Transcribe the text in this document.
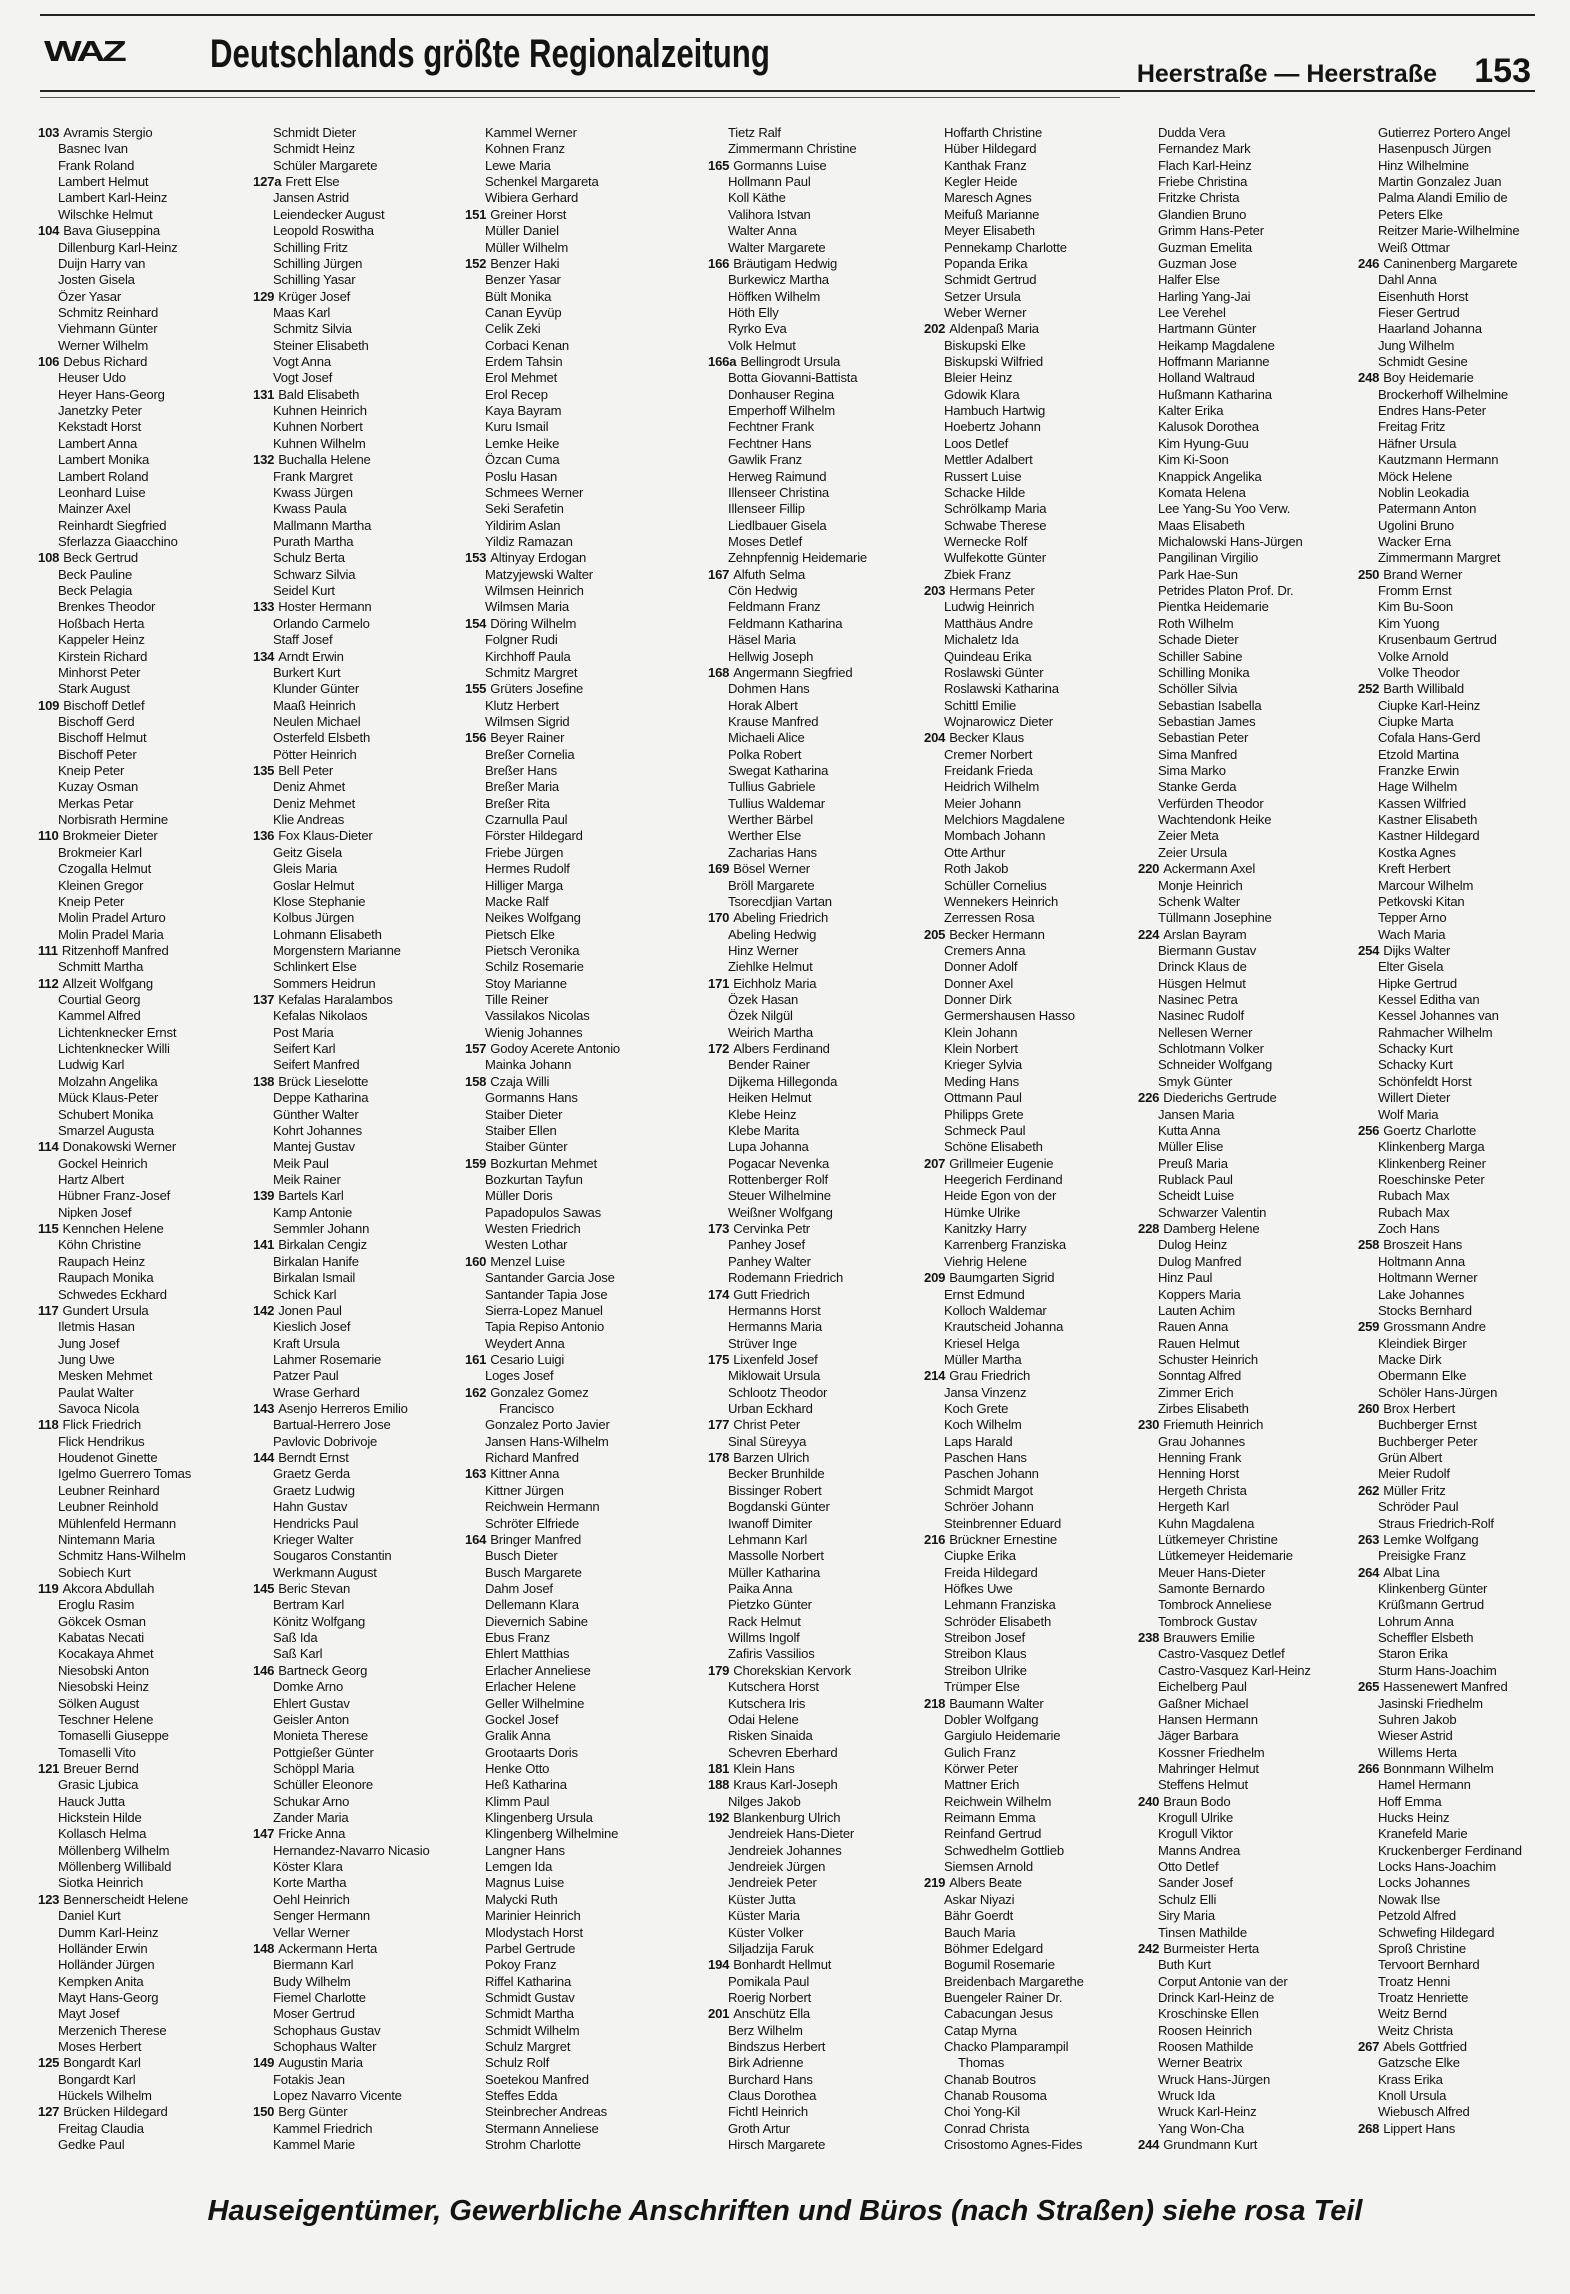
WAZ Deutschlands größte Regionalzeitung	Heerstraße — Heerstraße 153
103 Avramis Stergio
Basnec Ivan
Frank Roland
Lambert Helmut
Lambert Karl-Heinz
Wilschke Helmut
104 Bava Giuseppina
Dillenburg Karl-Heinz
Duijn Harry van
Josten Gisela
Özer Yasar
Schmitz Reinhard
Viehmann Günter
Werner Wilhelm
106 Debus Richard
Heuser Udo
Heyer Hans-Georg
Janetzky Peter
Kekstadt Horst
Lambert Anna
Lambert Monika
Lambert Roland
Leonhard Luise
Mainzer Axel
Reinhardt Siegfried
Sferlazza Giaacchino
108 Beck Gertrud
Beck Pauline
Beck Pelagia
Brenkes Theodor
Hoßbach Herta
Kappeler Heinz
Kirstein Richard
Minhorst Peter
Stark August
109 Bischoff Detlef
Bischoff Gerd
Bischoff Helmut
Bischoff Peter
Kneip Peter
Kuzay Osman
Merkas Petar
Norbisrath Hermine
110 Brokmeier Dieter
Brokmeier Karl
Czogalla Helmut
Kleinen Gregor
Kneip Peter
Molin Pradel Arturo
Molin Pradel Maria
111 Ritzenhoff Manfred
Schmitt Martha
112 Allzeit Wolfgang
Courtial Georg
Kammel Alfred
Lichtenknecker Ernst
Lichtenknecker Willi
Ludwig Karl
Molzahn Angelika
Mück Klaus-Peter
Schubert Monika
Smarzel Augusta
114 Donakowski Werner
Gockel Heinrich
Hartz Albert
Hübner Franz-Josef
Nipken Josef
115 Kennchen Helene
Köhn Christine
Raupach Heinz
Raupach Monika
Schwedes Eckhard
117 Gundert Ursula
Iletmis Hasan
Jung Josef
Jung Uwe
Mesken Mehmet
Paulat Walter
Savoca Nicola
118 Flick Friedrich
Flick Hendrikus
Houdenot Ginette
Igelmo Guerrero Tomas
Leubner Reinhard
Leubner Reinhold
Mühlenfeld Hermann
Nintemann Maria
Schmitz Hans-Wilhelm
Sobiech Kurt
119 Akcora Abdullah
Eroglu Rasim
Gökcek Osman
Kabatas Necati
Kocakaya Ahmet
Niesobski Anton
Niesobski Heinz
Sölken August
Teschner Helene
Tomaselli Giuseppe
Tomaselli Vito
121 Breuer Bernd
Grasic Ljubica
Hauck Jutta
Hickstein Hilde
Kollasch Helma
Möllenberg Wilhelm
Möllenberg Willibald
Siotka Heinrich
123 Bennerscheidt Helene
Daniel Kurt
Dumm Karl-Heinz
Holländer Erwin
Holländer Jürgen
Kempken Anita
Mayt Hans-Georg
Mayt Josef
Merzenich Therese
Moses Herbert
125 Bongardt Karl
Bongardt Karl
Hückels Wilhelm
127 Brücken Hildegard
Freitag Claudia
Gedke Paul
Schmidt Dieter
Schmidt Heinz
Schüler Margarete
127a Frett Else
Jansen Astrid
Leiendecker August
Leopold Roswitha
Schilling Fritz
Schilling Jürgen
Schilling Yasar
129 Krüger Josef
Maas Karl
Schmitz Silvia
Steiner Elisabeth
Vogt Anna
Vogt Josef
131 Bald Elisabeth
Kuhnen Heinrich
Kuhnen Norbert
Kuhnen Wilhelm
132 Buchalla Helene
Frank Margret
Kwass Jürgen
Kwass Paula
Mallmann Martha
Purath Martha
Schulz Berta
Schwarz Silvia
Seidel Kurt
133 Hoster Hermann
Orlando Carmelo
Staff Josef
134 Arndt Erwin
Burkert Kurt
Klunder Günter
Maaß Heinrich
Neulen Michael
Osterfeld Elsbeth
Pötter Heinrich
135 Bell Peter
Deniz Ahmet
Deniz Mehmet
Klie Andreas
136 Fox Klaus-Dieter
Geitz Gisela
Gleis Maria
Goslar Helmut
Klose Stephanie
Kolbus Jürgen
Lohmann Elisabeth
Morgenstern Marianne
Schlinkert Else
Sommers Heidrun
137 Kefalas Haralambos
Kefalas Nikolaos
Post Maria
Seifert Karl
Seifert Manfred
138 Brück Lieselotte
Deppe Katharina
Günther Walter
Kohrt Johannes
Mantej Gustav
Meik Paul
Meik Rainer
139 Bartels Karl
Kamp Antonie
Semmler Johann
141 Birkalan Cengiz
Birkalan Hanife
Birkalan Ismail
Schick Karl
142 Jonen Paul
Kieslich Josef
Kraft Ursula
Lahmer Rosemarie
Patzer Paul
Wrase Gerhard
143 Asenjo Herreros Emilio
Bartual-Herrero Jose
Pavlovic Dobrivoje
144 Berndt Ernst
Graetz Gerda
Graetz Ludwig
Hahn Gustav
Hendricks Paul
Krieger Walter
Sougaros Constantin
Werkmann August
145 Beric Stevan
Bertram Karl
Könitz Wolfgang
Saß Ida
Saß Karl
146 Bartneck Georg
Domke Arno
Ehlert Gustav
Geisler Anton
Monieta Therese
Pottgießer Günter
Schöppl Maria
Schüller Eleonore
Schukar Arno
Zander Maria
147 Fricke Anna
Hernandez-Navarro Nicasio
Köster Klara
Korte Martha
Oehl Heinrich
Senger Hermann
Vellar Werner
148 Ackermann Herta
Biermann Karl
Budy Wilhelm
Fiemel Charlotte
Moser Gertrud
Schophaus Gustav
Schophaus Walter
149 Augustin Maria
Fotakis Jean
Lopez Navarro Vicente
150 Berg Günter
Kammel Friedrich
Kammel Marie
Kammel Werner
Kohnen Franz
Lewe Maria
Schenkel Margareta
Wibiera Gerhard
151 Greiner Horst
Müller Daniel
Müller Wilhelm
152 Benzer Haki
Benzer Yasar
Bült Monika
Canan Eyvüp
Celik Zeki
Corbaci Kenan
Erdem Tahsin
Erol Mehmet
Erol Recep
Kaya Bayram
Kuru Ismail
Lemke Heike
Özcan Cuma
Poslu Hasan
Schmees Werner
Seki Serafetin
Yildirim Aslan
Yildiz Ramazan
153 Altinyay Erdogan
Matzyjewski Walter
Wilmsen Heinrich
Wilmsen Maria
154 Döring Wilhelm
Folgner Rudi
Kirchhoff Paula
Schmitz Margret
155 Grüters Josefine
Klutz Herbert
Wilmsen Sigrid
156 Beyer Rainer
Breßer Cornelia
Breßer Hans
Breßer Maria
Breßer Rita
Czarnulla Paul
Förster Hildegard
Friebe Jürgen
Hermes Rudolf
Hilliger Marga
Macke Ralf
Neikes Wolfgang
Pietsch Elke
Pietsch Veronika
Schilz Rosemarie
Stoy Marianne
Tille Reiner
Vassilakos Nicolas
Wienig Johannes
157 Godoy Acerete Antonio
Mainka Johann
158 Czaja Willi
Gormanns Hans
Staiber Dieter
Staiber Ellen
Staiber Günter
159 Bozkurtan Mehmet
Bozkurtan Tayfun
Müller Doris
Papadopulos Sawas
Westen Friedrich
Westen Lothar
160 Menzel Luise
Santander Garcia Jose
Santander Tapia Jose
Sierra-Lopez Manuel
Tapia Repiso Antonio
Weydert Anna
161 Cesario Luigi
Loges Josef
162 Gonzalez Gomez
Francisco
Gonzalez Porto Javier
Jansen Hans-Wilhelm
Richard Manfred
163 Kittner Anna
Kittner Jürgen
Reichwein Hermann
Schröter Elfriede
164 Bringer Manfred
Busch Dieter
Busch Margarete
Dahm Josef
Dellemann Klara
Dievernich Sabine
Ebus Franz
Ehlert Matthias
Erlacher Anneliese
Erlacher Helene
Geller Wilhelmine
Gockel Josef
Gralik Anna
Grootaarts Doris
Henke Otto
Heß Katharina
Klimm Paul
Klingenberg Ursula
Klingenberg Wilhelmine
Langner Hans
Lemgen Ida
Magnus Luise
Malycki Ruth
Marinier Heinrich
Mlodystach Horst
Parbel Gertrude
Pokoy Franz
Riffel Katharina
Schmidt Gustav
Schmidt Martha
Schmidt Wilhelm
Schulz Margret
Schulz Rolf
Soetekou Manfred
Steffes Edda
Steinbrecher Andreas
Stermann Anneliese
Strohm Charlotte
Tietz Ralf
Zimmermann Christine
165 Gormanns Luise
Hollmann Paul
Koll Käthe
Valihora Istvan
Walter Anna
Walter Margarete
166 Bräutigam Hedwig
Burkewicz Martha
Höffken Wilhelm
Höth Elly
Ryrko Eva
Volk Helmut
166a Bellingrodt Ursula
Botta Giovanni-Battista
Donhauser Regina
Emperhoff Wilhelm
Fechtner Frank
Fechtner Hans
Gawlik Franz
Herweg Raimund
Illenseer Christina
Illenseer Fillip
Liedlbauer Gisela
Moses Detlef
Zehnpfennig Heidemarie
167 Alfuth Selma
Cön Hedwig
Feldmann Franz
Feldmann Katharina
Häsel Maria
Hellwig Joseph
168 Angermann Siegfried
Dohmen Hans
Horak Albert
Krause Manfred
Michaeli Alice
Polka Robert
Swegat Katharina
Tullius Gabriele
Tullius Waldemar
Werther Bärbel
Werther Else
Zacharias Hans
169 Bösel Werner
Bröll Margarete
Tsorecdjian Vartan
170 Abeling Friedrich
Abeling Hedwig
Hinz Werner
Ziehlke Helmut
171 Eichholz Maria
Özek Hasan
Özek Nilgül
Weirich Martha
172 Albers Ferdinand
Bender Rainer
Dijkema Hillegonda
Heiken Helmut
Klebe Heinz
Klebe Marita
Lupa Johanna
Pogacar Nevenka
Rottenberger Rolf
Steuer Wilhelmine
Weißner Wolfgang
173 Cervinka Petr
Panhey Josef
Panhey Walter
Rodemann Friedrich
174 Gutt Friedrich
Hermanns Horst
Hermanns Maria
Strüver Inge
175 Lixenfeld Josef
Miklowait Ursula
Schlootz Theodor
Urban Eckhard
177 Christ Peter
Sinal Süreyya
178 Barzen Ulrich
Becker Brunhilde
Bissinger Robert
Bogdanski Günter
Iwanoff Dimiter
Lehmann Karl
Massolle Norbert
Müller Katharina
Paika Anna
Pietzko Günter
Rack Helmut
Willms Ingolf
Zafiris Vassilios
179 Chorekskian Kervork
Kutschera Horst
Kutschera Iris
Odai Helene
Risken Sinaida
Schevren Eberhard
181 Klein Hans
188 Kraus Karl-Joseph
Nilges Jakob
192 Blankenburg Ulrich
Jendreiek Hans-Dieter
Jendreiek Johannes
Jendreiek Jürgen
Jendreiek Peter
Küster Jutta
Küster Maria
Küster Volker
Siljadzija Faruk
194 Bonhardt Hellmut
Pomikala Paul
Roerig Norbert
201 Anschütz Ella
Berz Wilhelm
Bindszus Herbert
Birk Adrienne
Burchard Hans
Claus Dorothea
Fichtl Heinrich
Groth Artur
Hirsch Margarete
Hoffarth Christine
Hüber Hildegard
Kanthak Franz
Kegler Heide
Maresch Agnes
Meifuß Marianne
Meyer Elisabeth
Pennekamp Charlotte
Popanda Erika
Schmidt Gertrud
Setzer Ursula
Weber Werner
202 Aldenpaß Maria
Biskupski Elke
Biskupski Wilfried
Bleier Heinz
Gdowik Klara
Hambuch Hartwig
Hoebertz Johann
Loos Detlef
Mettler Adalbert
Russert Luise
Schacke Hilde
Schrölkamp Maria
Schwabe Therese
Wernecke Rolf
Wulfekotte Günter
Zbiek Franz
203 Hermans Peter
Ludwig Heinrich
Matthäus Andre
Michaletz Ida
Quindeau Erika
Roslawski Günter
Roslawski Katharina
Schittl Emilie
Wojnarowicz Dieter
204 Becker Klaus
Cremer Norbert
Freidank Frieda
Heidrich Wilhelm
Meier Johann
Melchiors Magdalene
Mombach Johann
Otte Arthur
Roth Jakob
Schüller Cornelius
Wennekers Heinrich
Zerressen Rosa
205 Becker Hermann
Cremers Anna
Donner Adolf
Donner Axel
Donner Dirk
Germershausen Hasso
Klein Johann
Klein Norbert
Krieger Sylvia
Meding Hans
Ottmann Paul
Philipps Grete
Schmeck Paul
Schöne Elisabeth
207 Grillmeier Eugenie
Heegerich Ferdinand
Heide Egon von der
Hümke Ulrike
Kanitzky Harry
Karrenberg Franziska
Viehrig Helene
209 Baumgarten Sigrid
Ernst Edmund
Kolloch Waldemar
Krautscheid Johanna
Kriesel Helga
Müller Martha
214 Grau Friedrich
Jansa Vinzenz
Koch Grete
Koch Wilhelm
Laps Harald
Paschen Hans
Paschen Johann
Schmidt Margot
Schröer Johann
Steinbrenner Eduard
216 Brückner Ernestine
Ciupke Erika
Freida Hildegard
Höfkes Uwe
Lehmann Franziska
Schröder Elisabeth
Streibon Josef
Streibon Klaus
Streibon Ulrike
Trümper Else
218 Baumann Walter
Dobler Wolfgang
Gargiulo Heidemarie
Gulich Franz
Körwer Peter
Mattner Erich
Reichwein Wilhelm
Reimann Emma
Reinfand Gertrud
Schwedhelm Gottlieb
Siemsen Arnold
219 Albers Beate
Askar Niyazi
Bähr Goerdt
Bauch Maria
Böhmer Edelgard
Bogumil Rosemarie
Breidenbach Margarethe
Buengeler Rainer Dr.
Cabacungan Jesus
Catap Myrna
Chacko Plamparampil
Thomas
Chanab Boutros
Chanab Rousoma
Choi Yong-Kil
Conrad Christa
Crisostomo Agnes-Fides
Dudda Vera
Fernandez Mark
Flach Karl-Heinz
Friebe Christina
Fritzke Christa
Glandien Bruno
Grimm Hans-Peter
Guzman Emelita
Guzman Jose
Halfer Else
Harling Yang-Jai
Lee Verehel
Hartmann Günter
Heikamp Magdalene
Hoffmann Marianne
Holland Waltraud
Hußmann Katharina
Kalter Erika
Kalusok Dorothea
Kim Hyung-Guu
Kim Ki-Soon
Knappick Angelika
Komata Helena
Lee Yang-Su Yoo Verw.
Maas Elisabeth
Michalowski Hans-Jürgen
Pangilinan Virgilio
Park Hae-Sun
Petrides Platon Prof. Dr.
Pientka Heidemarie
Roth Wilhelm
Schade Dieter
Schiller Sabine
Schilling Monika
Schöller Silvia
Sebastian Isabella
Sebastian James
Sebastian Peter
Sima Manfred
Sima Marko
Stanke Gerda
Verfürden Theodor
Wachtendonk Heike
Zeier Meta
Zeier Ursula
220 Ackermann Axel
Monje Heinrich
Schenk Walter
Tüllmann Josephine
224 Arslan Bayram
Biermann Gustav
Drinck Klaus de
Hüsgen Helmut
Nasinec Petra
Nasinec Rudolf
Nellesen Werner
Schlotmann Volker
Schneider Wolfgang
Smyk Günter
226 Diederichs Gertrude
Jansen Maria
Kutta Anna
Müller Elise
Preuß Maria
Rublack Paul
Scheidt Luise
Schwarzer Valentin
228 Damberg Helene
Dulog Heinz
Dulog Manfred
Hinz Paul
Koppers Maria
Lauten Achim
Rauen Anna
Rauen Helmut
Schuster Heinrich
Sonntag Alfred
Zimmer Erich
Zirbes Elisabeth
230 Friemuth Heinrich
Grau Johannes
Henning Frank
Henning Horst
Hergeth Christa
Hergeth Karl
Kuhn Magdalena
Lütkemeyer Christine
Lütkemeyer Heidemarie
Meuer Hans-Dieter
Samonte Bernardo
Tombrock Anneliese
Tombrock Gustav
238 Brauwers Emilie
Castro-Vasquez Detlef
Castro-Vasquez Karl-Heinz
Eichelberg Paul
Gaßner Michael
Hansen Hermann
Jäger Barbara
Kossner Friedhelm
Mahringer Helmut
Steffens Helmut
240 Braun Bodo
Krogull Ulrike
Krogull Viktor
Manns Andrea
Otto Detlef
Sander Josef
Schulz Elli
Siry Maria
Tinsen Mathilde
242 Burmeister Herta
Buth Kurt
Corput Antonie van der
Drinck Karl-Heinz de
Kroschinske Ellen
Roosen Heinrich
Roosen Mathilde
Werner Beatrix
Wruck Hans-Jürgen
Wruck Ida
Wruck Karl-Heinz
Yang Won-Cha
244 Grundmann Kurt
Gutierrez Portero Angel
Hasenpusch Jürgen
Hinz Wilhelmine
Martin Gonzalez Juan
Palma Alandi Emilio de
Peters Elke
Reitzer Marie-Wilhelmine
Weiß Ottmar
246 Caninenberg Margarete
Dahl Anna
Eisenhuth Horst
Fieser Gertrud
Haarland Johanna
Jung Wilhelm
Schmidt Gesine
248 Boy Heidemarie
Brockerhoff Wilhelmine
Endres Hans-Peter
Freitag Fritz
Häfner Ursula
Kautzmann Hermann
Möck Helene
Noblin Leokadia
Patermann Anton
Ugolini Bruno
Wacker Erna
Zimmermann Margret
250 Brand Werner
Fromm Ernst
Kim Bu-Soon
Kim Yuong
Krusenbaum Gertrud
Volke Arnold
Volke Theodor
252 Barth Willibald
Ciupke Karl-Heinz
Ciupke Marta
Cofala Hans-Gerd
Etzold Martina
Franzke Erwin
Hage Wilhelm
Kassen Wilfried
Kastner Elisabeth
Kastner Hildegard
Kostka Agnes
Kreft Herbert
Marcour Wilhelm
Petkovski Kitan
Tepper Arno
Wach Maria
254 Dijks Walter
Elter Gisela
Hipke Gertrud
Kessel Editha van
Kessel Johannes van
Rahmacher Wilhelm
Schacky Kurt
Schacky Kurt
Schönfeldt Horst
Willert Dieter
Wolf Maria
256 Goertz Charlotte
Klinkenberg Marga
Klinkenberg Reiner
Roeschinske Peter
Rubach Max
Rubach Max
Zoch Hans
258 Broszeit Hans
Holtmann Anna
Holtmann Werner
Lake Johannes
Stocks Bernhard
259 Grossmann Andre
Kleindiek Birger
Macke Dirk
Obermann Elke
Schöler Hans-Jürgen
260 Brox Herbert
Buchberger Ernst
Buchberger Peter
Grün Albert
Meier Rudolf
262 Müller Fritz
Schröder Paul
Straus Friedrich-Rolf
263 Lemke Wolfgang
Preisigke Franz
264 Albat Lina
Klinkenberg Günter
Krüßmann Gertrud
Lohrum Anna
Scheffler Elsbeth
Staron Erika
Sturm Hans-Joachim
265 Hassenewert Manfred
Jasinski Friedhelm
Suhren Jakob
Wieser Astrid
Willems Herta
266 Bonnmann Wilhelm
Hamel Hermann
Hoff Emma
Hucks Heinz
Kranefeld Marie
Kruckenberger Ferdinand
Locks Hans-Joachim
Locks Johannes
Nowak Ilse
Petzold Alfred
Schwefing Hildegard
Sproß Christine
Tervoort Bernhard
Troatz Henni
Troatz Henriette
Weitz Bernd
Weitz Christa
267 Abels Gottfried
Gatzsche Elke
Krass Erika
Knoll Ursula
Wiebusch Alfred
268 Lippert Hans
Hauseigentümer, Gewerbliche Anschriften und Büros (nach Straßen) siehe rosa Teil
